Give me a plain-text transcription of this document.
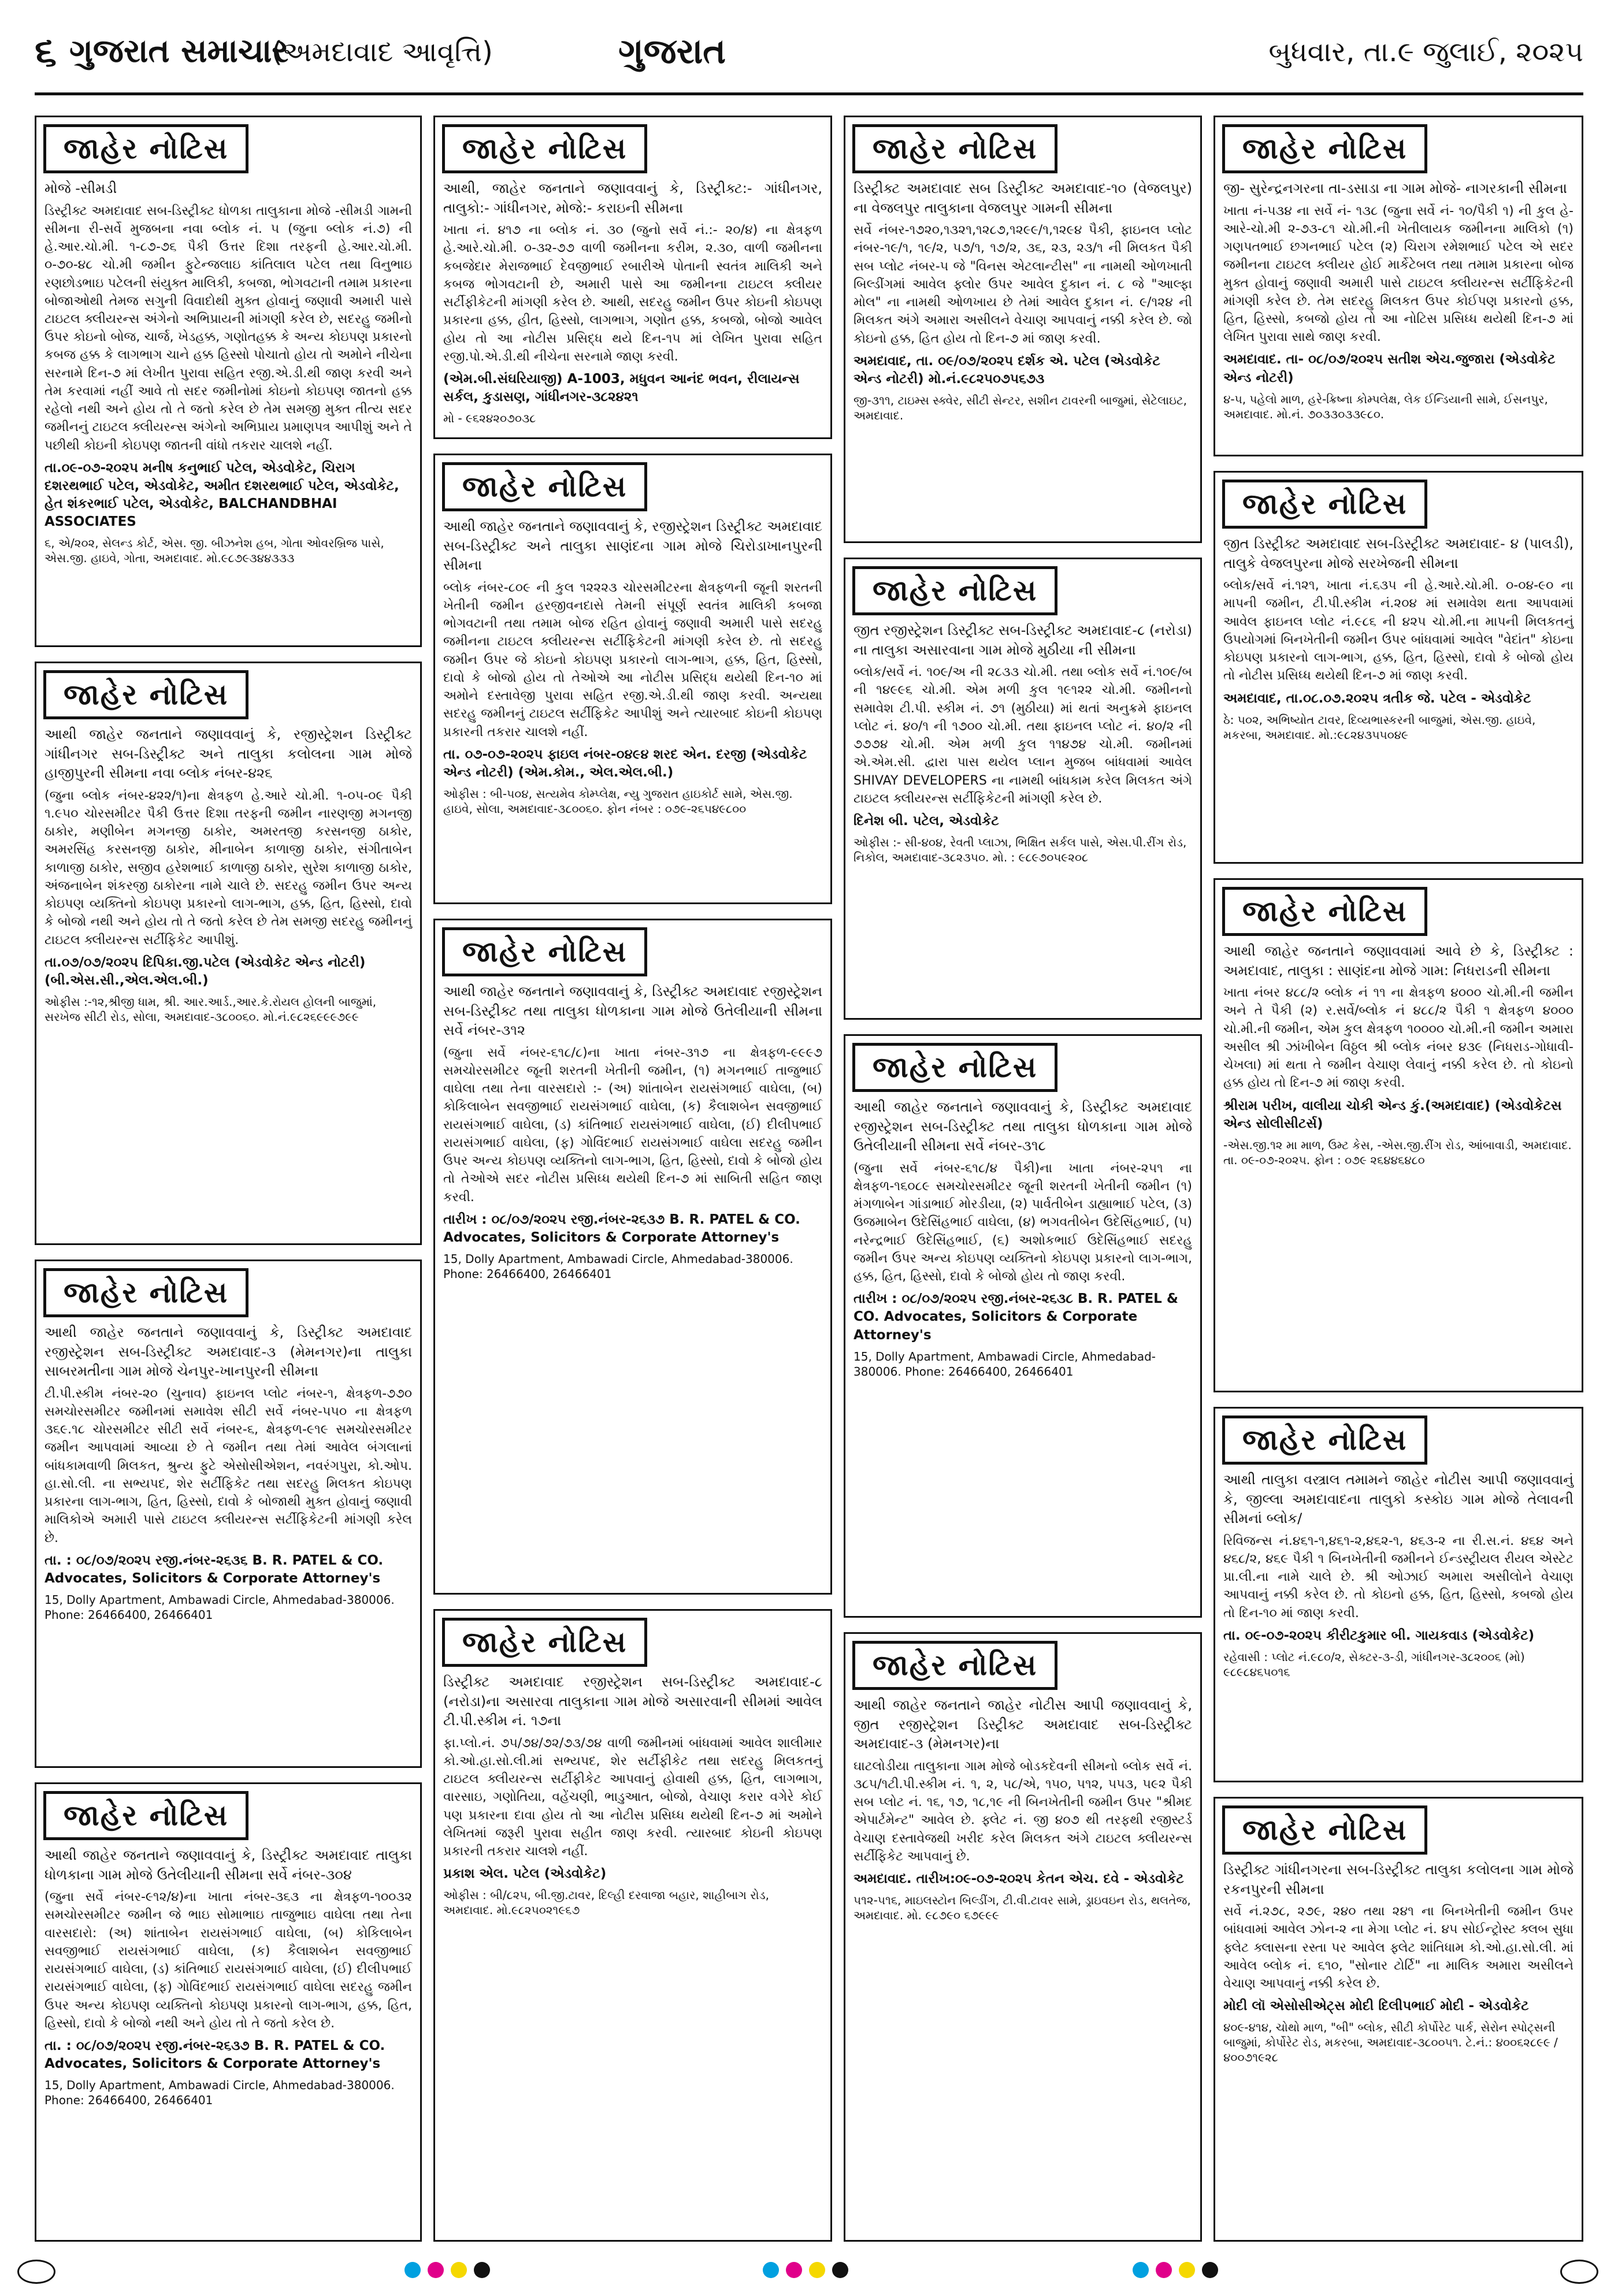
૬ ગુજરાત સમાચાર
(અમદાવાદ આવૃત્તિ)	ગુજરાત	બુધવાર, તા.૯ જુલાઈ, ૨૦૨૫
જાહેર નોટિસ
મોજે -સીમડી
ડિસ્ટ્રીક્ટ અમદાવાદ સબ-ડિસ્ટ્રીક્ટ ધોળકા તાલુકાના મોજે -સીમડી ગામની સીમના રી-સર્વે મુજબના નવા બ્લોક નં. ૫ (જુના બ્લોક નં.૭) ની હે.આર.ચો.મી. ૧-૮૭-૭૬ પૈકી ઉત્તર દિશા તરફની હે.આર.ચો.મી. ૦-૭૦-૪૮ ચો.મી જમીન ફુટેન્જલાઇ કાંતિલાલ પટેલ તથા વિનુભાઇ રણછોડભાઇ પટેલની સંયુક્ત માલિકી, કબજા, ભોગવટાની તમામ પ્રકારના બોજાઓથી તેમજ સગુની વિવાદોથી મુક્ત હોવાનું જણાવી અમારી પાસે ટાઇટલ ક્લીયરન્સ અંગેનો અભિપ્રાયની માંગણી કરેલ છે, સદરહુ જમીનો ઉપર કોઇનો બોજ, ચાર્જ, ખેડહક્ક, ગણોતહક્ક કે અન્ય કોઇપણ પ્રકારનો કબજ હક્ક કે લાગભાગ ચાને હક્ક હિસ્સો પોચાતો હોય તો અમોને નીચેના સરનામે દિન-૭ માં લેખીત પુરાવા સહિત રજી.એ.ડી.થી જાણ કરવી અને તેમ કરવામાં નહીં આવે તો સદર જમીનોમાં કોઇનો કોઇપણ જાતનો હક્ક રહેલો નથી અને હોય તો તે જતો કરેલ છે તેમ સમજી મુક્ત તીત્ય સદર જમીનનું ટાઇટલ ક્લીયરન્સ અંગેનો અભિપ્રાય પ્રમાણપત્ર આપીશું અને તે પછીથી કોઇની કોઇપણ જાતની વાંધો તકરાર ચાલશે નહીં.
તા.૦૯-૦૭-૨૦૨૫ મનીષ કનુભાઈ પટેલ, એડવોકેટ, ચિરાગ દશરથભાઈ પટેલ, એડવોકેટ, અમીત દશરથભાઈ પટેલ, એડવોકેટ, હેત શંકરભાઈ પટેલ, એડવોકેટ, BALCHANDBHAI ASSOCIATES
૬, એ/૨૦૨, સેલન્ડ કોર્ટ, એસ. જી. બીઝનેશ હબ, ગોતા ઓવરબ્રિજ પાસે, એસ.જી. હાઇવે, ગોતા, અમદાવાદ. મો.૯૮૭૯૩૪૪૩૩૩
જાહેર નોટિસ
આથી જાહેર જનતાને જણાવવાનું કે, રજીસ્ટ્રેશન ડિસ્ટ્રીક્ટ ગાંધીનગર સબ-ડિસ્ટ્રીક્ટ અને તાલુકા કલોલના ગામ મોજે હાજીપુરની સીમના નવા બ્લોક નંબર-૪૨૬
(જુના બ્લોક નંબર-૪૨૨/૧)ના ક્ષેત્રફળ હે.આરે ચો.મી. ૧-૦૫-૦૯ પૈકી ૧.૯૫૦ ચોરસમીટર પૈકી ઉત્તર દિશા તરફની જમીન નારણજી મગનજી ઠાકોર, મણીબેન મગનજી ઠાકોર, અમરતજી કરસનજી ઠાકોર, અમરસિંહ કરસનજી ઠાકોર, મીનાબેન કાળાજી ઠાકોર, સંગીતાબેન કાળાજી ઠાકોર, સજીવ હરેશભાઈ કાળાજી ઠાકોર, સુરેશ કાળાજી ઠાકોર, અંજનાબેન શંકરજી ઠાકોરના નામે ચાલે છે. સદરહુ જમીન ઉપર અન્ય કોઇપણ વ્યક્તિનો કોઇપણ પ્રકારનો લાગ-ભાગ, હક્ક, હિત, હિસ્સો, દાવો કે બોજો નથી અને હોય તો તે જતો કરેલ છે તેમ સમજી સદરહુ જમીનનું ટાઇટલ ક્લીયરન્સ સર્ટીફિકેટ આપીશું.
તા.૦૭/૦૭/૨૦૨૫ દિપિકા.જી.પટેલ (એડવોકેટ એન્ડ નોટરી) (બી.એસ.સી.,એલ.એલ.બી.)
ઓફીસ :-૧૨,શ્રીજી ધામ, શ્રી. આર.આર્ડ.,આર.કે.રોયલ હોલની બાજુમાં, સરખેજ સીટી રોડ, સોલા, અમદાવાદ-૩૮૦૦૬૦. મો.નં.૯૮૨૬૯૯૯૭૯૯
જાહેર નોટિસ
આથી જાહેર જનતાને જણાવવાનું કે, ડિસ્ટ્રીક્ટ અમદાવાદ રજીસ્ટ્રેશન સબ-ડિસ્ટ્રીક્ટ અમદાવાદ-૩ (મેમનગર)ના તાલુકા સાબરમતીના ગામ મોજે ચેનપુર-ખાનપુરની સીમના
ટી.પી.સ્કીમ નંબર-૨૦ (ચુનાવ) ફાઇનલ પ્લોટ નંબર-૧, ક્ષેત્રફળ-૭૭૦ સમચોરસમીટર જમીનમાં સમાવેશ સીટી સર્વે નંબર-૫૫૦ ના ક્ષેત્રફળ ૩૬૯.૧૮ ચોરસમીટર સીટી સર્વે નંબર-૬, ક્ષેત્રફળ-૯૧૯ સમચોરસમીટર જમીન આપવામાં આવ્યા છે તે જમીન તથા તેમાં આવેલ બંગલાનાં બાંધકામવાળી મિલકત, શ્રુન્ય ફુટે એસોસીએશન, નવરંગપુરા, કો.ઓપ. હા.સો.લી. ના સભ્યપદ, શેર સર્ટીફિકેટ તથા સદરહુ મિલકત કોઇપણ પ્રકારના લાગ-ભાગ, હિત, હિસ્સો, દાવો કે બોજાથી મુક્ત હોવાનું જણાવી માલિકોએ અમારી પાસે ટાઇટલ ક્લીયરન્સ સર્ટીફિકેટની માંગણી કરેલ છે.
તા. : ૦૮/૦૭/૨૦૨૫ રજી.નંબર-૨૬૩૬ B. R. PATEL & CO. Advocates, Solicitors & Corporate Attorney's
15, Dolly Apartment, Ambawadi Circle, Ahmedabad-380006. Phone: 26466400, 26466401
જાહેર નોટિસ
આથી જાહેર જનતાને જણાવવાનું કે, ડિસ્ટ્રીક્ટ અમદાવાદ તાલુકા ધોળકાના ગામ મોજે ઉતેલીયાની સીમના સર્વે નંબર-૩૦૪
(જુના સર્વે નંબર-૯૧૨/૪)ના ખાતા નંબર-૩૬૩ ના ક્ષેત્રફળ-૧૦૦૩૨ સમચોરસમીટર જમીન જે ભાઇ સોમાભાઇ તાજુભાઇ વાઘેલા તથા તેના વારસદારો: (અ) શાંતાબેન રાયસંગભાઈ વાઘેલા, (બ) કોકિલાબેન સવજીભાઈ રાયસંગભાઈ વાઘેલા, (ક) કૈલાશબેન સવજીભાઈ રાયસંગભાઈ વાઘેલા, (ડ) કાંતિભાઈ રાયસંગભાઈ વાઘેલા, (ઈ) દીલીપભાઈ રાયસંગભાઈ વાઘેલા, (ફ) ગોવિંદભાઈ રાયસંગભાઈ વાઘેલા સદરહુ જમીન ઉપર અન્ય કોઇપણ વ્યક્તિનો કોઇપણ પ્રકારનો લાગ-ભાગ, હક્ક, હિત, હિસ્સો, દાવો કે બોજો નથી અને હોય તો તે જતો કરેલ છે.
તા. : ૦૮/૦૭/૨૦૨૫ રજી.નંબર-૨૬૩૭ B. R. PATEL & CO. Advocates, Solicitors & Corporate Attorney's
15, Dolly Apartment, Ambawadi Circle, Ahmedabad-380006. Phone: 26466400, 26466401
જાહેર નોટિસ
આથી, જાહેર જનતાને જણાવવાનું કે, ડિસ્ટ્રીક્ટ:- ગાંધીનગર, તાલુકો:- ગાંધીનગર, મોજે:- કરાઇની સીમના
ખાતા નં. ૪૧૭ ના બ્લોક નં. ૩૦ (જુનો સર્વે નં.:- ૨૦/૪) ના ક્ષેત્રફળ હે.આરે.ચો.મી. ૦-૩૨-૭૭ વાળી જમીનના કરીમ, ૨.૩૦, વાળી જમીનના કબજેદાર મેરાજભાઈ દેવજીભાઈ રબારીએ પોતાની સ્વતંત્ર માલિકી અને કબજ ભોગવટાની છે, અમારી પાસે આ જમીનના ટાઇટલ ક્લીયર સર્ટીફીકેટની માંગણી કરેલ છે. આથી, સદરહુ જમીન ઉપર કોઇની કોઇપણ પ્રકારના હક્ક, હીત, હિસ્સો, લાગભાગ, ગણોત હક્ક, કબજો, બોજો આવેલ હોય તો આ નોટીસ પ્રસિદ્ધ થયે દિન-૧૫ માં લેખિત પુરાવા સહિત રજી.પો.એ.ડી.થી નીચેના સરનામે જાણ કરવી.
(એમ.બી.સંઘરિયાજી) A-1003, મધુવન આનંદ ભવન, રીલાયન્સ સર્કલ, કુડાસણ, ગાંધીનગર-૩૮૨૪૨૧
મો - ૯૬૨૪૨૦૭૦૩૮
જાહેર નોટિસ
આથી જાહેર જનતાને જણાવવાનું કે, રજીસ્ટ્રેશન ડિસ્ટ્રીક્ટ અમદાવાદ સબ-ડિસ્ટ્રીક્ટ અને તાલુકા સાણંદના ગામ મોજે ચિરોડાખાનપુરની સીમના
બ્લોક નંબર-૮૦૯ ની કુલ ૧૨૨૨૩ ચોરસમીટરના ક્ષેત્રફળની જૂની શરતની ખેતીની જમીન હરજીવનદાસે તેમની સંપૂર્ણ સ્વતંત્ર માલિકી કબજા ભોગવટાની તથા તમામ બોજ રહિત હોવાનું જણાવી અમારી પાસે સદરહુ જમીનના ટાઇટલ ક્લીયરન્સ સર્ટીફિકેટની માંગણી કરેલ છે. તો સદરહુ જમીન ઉપર જે કોઇનો કોઇપણ પ્રકારનો લાગ-ભાગ, હક્ક, હિત, હિસ્સો, દાવો કે બોજો હોય તો તેઓએ આ નોટીસ પ્રસિદ્ધ થયેથી દિન-૧૦ માં અમોને દસ્તાવેજી પુરાવા સહિત રજી.એ.ડી.થી જાણ કરવી. અન્યથા સદરહુ જમીનનું ટાઇટલ સર્ટીફિકેટ આપીશું અને ત્યારબાદ કોઇની કોઇપણ પ્રકારની તકરાર ચાલશે નહીં.
તા. ૦૭-૦૭-૨૦૨૫ ફાઇલ નંબર-૦૪૯૪ શરદ એન. દરજી (એડવોકેટ એન્ડ નોટરી) (એમ.કોમ., એલ.એલ.બી.)
ઓફીસ : બી-૫૦૪, સત્યમેવ કોમ્પ્લેક્ષ, ન્યુ ગુજરાત હાઇકોર્ટ સામે, એસ.જી. હાઇવે, સોલા, અમદાવાદ-૩૮૦૦૬૦. ફોન નંબર : ૦૭૯-૨૬૫૪૯૮૦૦
જાહેર નોટિસ
આથી જાહેર જનતાને જણાવવાનું કે, ડિસ્ટ્રીક્ટ અમદાવાદ રજીસ્ટ્રેશન સબ-ડિસ્ટ્રીક્ટ તથા તાલુકા ધોળકાના ગામ મોજે ઉતેલીયાની સીમના સર્વે નંબર-૩૧૨
(જુના સર્વે નંબર-૬૧૮/૮)ના ખાતા નંબર-૩૧૭ ના ક્ષેત્રફળ-૯૯૯૭ સમચોરસમીટર જૂની શરતની ખેતીની જમીન, (૧) મગનભાઈ તાજુભાઈ વાઘેલા તથા તેના વારસદારો :- (અ) શાંતાબેન રાયસંગભાઈ વાઘેલા, (બ) કોકિલાબેન સવજીભાઈ રાયસંગભાઈ વાઘેલા, (ક) કૈલાશબેન સવજીભાઈ રાયસંગભાઈ વાઘેલા, (ડ) કાંતિભાઈ રાયસંગભાઈ વાઘેલા, (ઈ) દીલીપભાઈ રાયસંગભાઈ વાઘેલા, (ફ) ગોવિંદભાઈ રાયસંગભાઈ વાઘેલા સદરહુ જમીન ઉપર અન્ય કોઇપણ વ્યક્તિનો લાગ-ભાગ, હિત, હિસ્સો, દાવો કે બોજો હોય તો તેઓએ સદર નોટીસ પ્રસિધ્ધ થયેથી દિન-૭ માં સાબિતી સહિત જાણ કરવી.
તારીખ : ૦૮/૦૭/૨૦૨૫ રજી.નંબર-૨૬૩૭ B. R. PATEL & CO. Advocates, Solicitors & Corporate Attorney's
15, Dolly Apartment, Ambawadi Circle, Ahmedabad-380006. Phone: 26466400, 26466401
જાહેર નોટિસ
ડિસ્ટ્રીક્ટ અમદાવાદ રજીસ્ટ્રેશન સબ-ડિસ્ટ્રીક્ટ અમદાવાદ-૮ (નરોડા)ના અસારવા તાલુકાના ગામ મોજે અસારવાની સીમમાં આવેલ ટી.પી.સ્કીમ નં. ૧૭ના
ફા.પ્લો.નં. ૭૫/૭૪/૭૨/૭૩/૭૪ વાળી જમીનમાં બાંધવામાં આવેલ શાલીમાર કો.ઓ.હા.સો.લી.માં સભ્યપદ, શેર સર્ટીફીકેટ તથા સદરહુ મિલકતનું ટાઇટલ ક્લીયરન્સ સર્ટીફીકેટ આપવાનું હોવાથી હક્ક, હિત, લાગભાગ, વારસાઇ, ગણોતિયા, વહેંચણી, ભાડુઆત, બોજો, વેચાણ કરાર વગેરે કોઈ પણ પ્રકારના દાવા હોય તો આ નોટીસ પ્રસિધ્ધ થયેથી દિન-૭ માં અમોને લેખિતમાં જરૂરી પુરાવા સહીત જાણ કરવી. ત્યારબાદ કોઇની કોઇપણ પ્રકારની તકરાર ચાલશે નહીં.
પ્રકાશ એલ. પટેલ (એડવોકેટ)
ઓફીસ : બી/૮૨૫, બી.જી.ટાવર, દિલ્હી દરવાજા બહાર, શાહીબાગ રોડ, અમદાવાદ. મો.૯૮૨૫૦૨૧૯૬૭
જાહેર નોટિસ
ડિસ્ટ્રીક્ટ અમદાવાદ સબ ડિસ્ટ્રીક્ટ અમદાવાદ-૧૦ (વેજલપુર) ના વેજલપુર તાલુકાના વેજલપુર ગામની સીમના
સર્વે નંબર-૧૭૨૦,૧૩૨૧,૧૨૮૭,૧૨૯૯/૧,૧૨૯૪ પૈકી, ફાઇનલ પ્લોટ નંબર-૧૯/૧, ૧૯/૨, ૫૭/૧, ૧૭/૨, ૩૬, ૨૩, ૨૩/૧ ની મિલકત પૈકી સબ પ્લોટ નંબર-૫ જે "વિનસ એટલાન્ટીસ" ના નામથી ઓળખાતી બિલ્ડીંગમાં આવેલ ફ્લોર ઉપર આવેલ દુકાન નં. ૮ જે "આલ્ફા મોલ" ના નામથી ઓળખાય છે તેમાં આવેલ દુકાન નં. ૯/૧૨૪ ની મિલકત અંગે અમારા અસીલને વેચાણ આપવાનું નક્કી કરેલ છે. જો કોઇનો હક્ક, હિત હોય તો દિન-૭ માં જાણ કરવી.
અમદાવાદ, તા. ૦૯/૦૭/૨૦૨૫ દર્શક એ. પટેલ (એડવોકેટ એન્ડ નોટરી) મો.નં.૯૮૨૫૦૭૫૬૭૩
જી-૩૧૧, ટાઇમ્સ સ્ક્વેર, સીટી સેન્ટર, સશીન ટાવરની બાજુમાં, સેટેલાઇટ, અમદાવાદ.
જાહેર નોટિસ
જીત રજીસ્ટ્રેશન ડિસ્ટ્રીક્ટ સબ-ડિસ્ટ્રીક્ટ અમદાવાદ-૮ (નરોડા) ના તાલુકા અસારવાના ગામ મોજે મુઠીયા ની સીમના
બ્લોક/સર્વે નં. ૧૦૯/અ ની ૨૮૩૩ ચો.મી. તથા બ્લોક સર્વે નં.૧૦૯/બ ની ૧૪૯૯૬ ચો.મી. એમ મળી કુલ ૧૯૧૨૨ ચો.મી. જમીનનો સમાવેશ ટી.પી. સ્કીમ નં. ૭૧ (મુઠીયા) માં થતાં અનુક્રમે ફાઇનલ પ્લોટ નં. ૪૦/૧ ની ૧૭૦૦ ચો.મી. તથા ફાઇનલ પ્લોટ નં. ૪૦/૨ ની ૭૭૭૪ ચો.મી. એમ મળી કુલ ૧૧૪૭૪ ચો.મી. જમીનમાં એ.એમ.સી. દ્વારા પાસ થયેલ પ્લાન મુજબ બાંધવામાં આવેલ SHIVAY DEVELOPERS ના નામથી બાંધકામ કરેલ મિલકત અંગે ટાઇટલ ક્લીયરન્સ સર્ટીફિકેટની માંગણી કરેલ છે.
દિનેશ બી. પટેલ, એડવોકેટ
ઓફીસ :- સી-૪૦૪, રેવતી પ્લાઝા, ભિક્ષિત સર્કલ પાસે, એસ.પી.રીંગ રોડ, નિકોલ, અમદાવાદ-૩૮૨૩૫૦. મો. : ૯૮૯૭૦૫૯૨૦૮
જાહેર નોટિસ
આથી જાહેર જનતાને જણાવવાનું કે, ડિસ્ટ્રીક્ટ અમદાવાદ રજીસ્ટ્રેશન સબ-ડિસ્ટ્રીક્ટ તથા તાલુકા ધોળકાના ગામ મોજે ઉતેલીયાની સીમના સર્વે નંબર-૩૧૮
(જુના સર્વે નંબર-૬૧૮/૪ પૈકી)ના ખાતા નંબર-૨૫૧ ના ક્ષેત્રફળ-૧૬૦૮૯ સમચોરસમીટર જૂની શરતની ખેતીની જમીન (૧) મંગળાબેન ગાંડાભાઈ મોરડીયા, (૨) પાર્વતીબેન ડાહ્યાભાઈ પટેલ, (૩) ઉજમાબેન ઉદેસિંહભાઈ વાઘેલા, (૪) ભગવતીબેન ઉદેસિંહભાઈ, (૫) નરેન્દ્રભાઈ ઉદેસિંહભાઈ, (૬) અશોકભાઈ ઉદેસિંહભાઈ સદરહુ જમીન ઉપર અન્ય કોઇપણ વ્યક્તિનો કોઇપણ પ્રકારનો લાગ-ભાગ, હક્ક, હિત, હિસ્સો, દાવો કે બોજો હોય તો જાણ કરવી.
તારીખ : ૦૮/૦૭/૨૦૨૫ રજી.નંબર-૨૬૩૮ B. R. PATEL & CO. Advocates, Solicitors & Corporate Attorney's
15, Dolly Apartment, Ambawadi Circle, Ahmedabad-380006. Phone: 26466400, 26466401
જાહેર નોટિસ
આથી જાહેર જનતાને જાહેર નોટીસ આપી જણાવવાનું કે, જીત રજીસ્ટ્રેશન ડિસ્ટ્રીક્ટ અમદાવાદ સબ-ડિસ્ટ્રીક્ટ અમદાવાદ-૩ (મેમનગર)ના
ઘાટલોડીયા તાલુકાના ગામ મોજે બોડકદેવની સીમનો બ્લોક સર્વે નં. ૩૮૫/૧ટી.પી.સ્કીમ નં. ૧, ૨, ૫૮/એ, ૧૫૦, ૫૧૨, ૫૫૩, ૫૯૨ પૈકી સબ પ્લોટ નં. ૧૬, ૧૭, ૧૮,૧૯ ની બિનખેતીની જમીન ઉપર "શ્રીમદ એપાર્ટમેન્ટ" આવેલ છે. ફ્લેટ નં. જી ૪૦૭ થી તરફથી રજીસ્ટર્ડ વેચાણ દસ્તાવેજથી ખરીદ કરેલ મિલકત અંગે ટાઇટલ ક્લીયરન્સ સર્ટીફિકેટ આપવાનું છે.
અમદાવાદ. તારીખ:૦૯-૦૭-૨૦૨૫ કેતન એચ. દવે - એડવોકેટ
૫૧૨-૫૧૬, માઇલસ્ટોન બિલ્ડીંગ, ટી.વી.ટાવર સામે, ડ્રાઇવઇન રોડ, થલતેજ, અમદાવાદ. મો. ૯૮૭૯૦ ૬૭૯૯૯
જાહેર નોટિસ
જી- સુરેન્દ્રનગરના તા-ડસાડા ના ગામ મોજે- નાગરકાની સીમના
ખાતા નં-૫૩૪ ના સર્વે નં- ૧૩૮ (જુના સર્વે નં- ૧૦/પૈકી ૧) ની કુલ હે-આરે-ચો.મી ૨-૭૩-૮૧ ચો.મી.ની ખેતીલાયક જમીનના માલિકો (૧) ગણપતભાઈ છગનભાઈ પટેલ (૨) ચિરાગ રમેશભાઈ પટેલ એ સદર જમીનના ટાઇટલ ક્લીયર હોઈ માર્કેટેબલ તથા તમામ પ્રકારના બોજ મુક્ત હોવાનું જણાવી અમારી પાસે ટાઇટલ ક્લીયરન્સ સર્ટીફિકેટની માંગણી કરેલ છે. તેમ સદરહુ મિલકત ઉપર કોઈપણ પ્રકારનો હક્ક, હિત, હિસ્સો, કબજો હોય તો આ નોટિસ પ્રસિધ્ધ થયેથી દિન-૭ માં લેખિત પુરાવા સાથે જાણ કરવી.
અમદાવાદ. તા- ૦૮/૦૭/૨૦૨૫ સતીશ એચ.જુજારા (એડવોકેટ એન્ડ નોટરી)
૪-૫, પહેલો માળ, હરે-ક્રિષ્ના કોમ્પલેક્ષ, લેક ઈન્ડિયાની સામે, ઈસનપુર, અમદાવાદ. મો.નં. ૭૦૩૩૦૩૩૯૮૦.
જાહેર નોટિસ
જીત ડિસ્ટ્રીક્ટ અમદાવાદ સબ-ડિસ્ટ્રીક્ટ અમદાવાદ- ૪ (પાલડી), તાલુકે વેજલપુરના મોજે સરખેજની સીમના
બ્લોક/સર્વે નં.૧૨૧, ખાતા નં.૬૩૫ ની હે.આરે.ચો.મી. ૦-૦૪-૯૦ ના માપની જમીન, ટી.પી.સ્કીમ નં.૨૦૪ માં સમાવેશ થતા આપવામાં આવેલ ફાઇનલ પ્લોટ નં.૯૮૬ ની ૪૨૫ ચો.મી.ના માપની મિલકતનું ઉપયોગમાં બિનખેતીની જમીન ઉપર બાંધવામાં આવેલ "વેદાંત" કોઇના કોઇપણ પ્રકારનો લાગ-ભાગ, હક્ક, હિત, હિસ્સો, દાવો કે બોજો હોય તો નોટીસ પ્રસિધ્ધ થયેથી દિન-૭ માં જાણ કરવી.
અમદાવાદ, તા.૦૮.૦૭.૨૦૨૫ ત્રતીક જે. પટેલ - એડવોકેટ
ઠે: ૫૦૨, અભિષ્યોત ટાવર, દિવ્યભાસ્કરની બાજુમાં, એસ.જી. હાઇવે, મકરબા, અમદાવાદ. મો.:૯૮૨૪૩૫૫૦૪૯
જાહેર નોટિસ
આથી જાહેર જનતાને જણાવવામાં આવે છે કે, ડિસ્ટ્રીક્ટ : અમદાવાદ, તાલુકા : સાણંદના મોજે ગામ: નિધરાડની સીમના
ખાતા નંબર ૪૮૮/૨ બ્લોક નં ૧૧ ના ક્ષેત્રફળ ૪૦૦૦ ચો.મી.ની જમીન અને તે પૈકી (૨) ર.સર્વે/બ્લોક નં ૪૮૮/૨ પૈકી ૧ ક્ષેત્રફળ ૪૦૦૦ ચો.મી.ની જમીન, એમ કુલ ક્ષેત્રફળ ૧૦૦૦૦ ચો.મી.ની જમીન અમારા અસીલ શ્રી ઝાંખીબેન વિઠ્ઠલ શ્રી બ્લોક નંબર ૪૩૯ (નિધરાડ-ગોધાવી-ચેખલા) માં થતા તે જમીન વેચાણ લેવાનું નક્કી કરેલ છે. તો કોઇનો હક્ક હોય તો દિન-૭ માં જાણ કરવી.
શ્રીરામ પરીખ, વાલીયા ચોકી એન્ડ કું.(અમદાવાદ) (એડવોકેટસ એન્ડ સોલીસીટર્સ)
-એસ.જી.૧૨ મા માળ, ઉમ્ટ કેસ, -એસ.જી.રીંગ રોડ, આંબાવાડી, અમદાવાદ. તા. ૦૯-૦૭-૨૦૨૫. ફોન : ૦૭૯ ૨૬૪૪૬૪૮૦
જાહેર નોટિસ
આથી તાલુકા વસ્ત્રાલ તમામને જાહેર નોટીસ આપી જણાવવાનું કે, જીલ્લા અમદાવાદના તાલુકો કસ્કોઇ ગામ મોજે તેલાવની સીમનાં બ્લોક/
રિવિજન્સ નં.૪૬૧-૧,૪૬૧-૨,૪૬૨-૧, ૪૬૩-૨ ના રી.સ.નં. ૪૬૪ અને ૪૬૮/૨, ૪૬૯ પૈકી ૧ બિનખેતીની જમીનને ઈન્ડસ્ટ્રીયલ રીયલ એસ્ટેટ પ્રા.લી.ના નામે ચાલે છે. શ્રી ઓઝાઈ અમારા અસીલોને વેચાણ આપવાનું નક્કી કરેલ છે. તો કોઇનો હક્ક, હિત, હિસ્સો, કબજો હોય તો દિન-૧૦ માં જાણ કરવી.
તા. ૦૯-૦૭-૨૦૨૫ કીરીટકુમાર બી. ગાયકવાડ (એડવોકેટ)
રહેવાસી : પ્લોટ નં.૯૮૦/૨, સેક્ટર-૩-ડી, ગાંધીનગર-૩૮૨૦૦૬ (મો) ૯૮૯૮૪૬૫૦૧૬
જાહેર નોટિસ
ડિસ્ટ્રીક્ટ ગાંધીનગરના સબ-ડિસ્ટ્રીક્ટ તાલુકા કલોલના ગામ મોજે રકનપુરની સીમના
સર્વે નં.૨૭૮, ૨૭૯, ૨૪૦ તથા ૨૪૧ ના બિનખેતીની જમીન ઉપર બાંધવામાં આવેલ ઝોન-૨ ના મેગા પ્લોટ નં. ૪૫ સોઈન્ટ્રોસ્ટ ક્લબ સુધા ફ્લેટ ક્લાસના રસ્તા પર આવેલ ફ્લેટ શાંતિધામ કો.ઓ.હા.સો.લી. માં આવેલ બ્લોક નં. ૬૧૦, "સોનાર ટોર્ટિ" ના માલિક અમારા અસીલને વેચાણ આપવાનું નક્કી કરેલ છે.
મોદી લૉ એસોસીએટ્સ મોદી દિલીપભાઈ મોદી - એડવોકેટ
૪૦૯-૪૧૪, ચોથો માળ, "બી" બ્લોક, સીટી કોર્પોરેટ પાર્ક, સેરોન સ્પોટ્સની બાજુમાં, કોર્પોરેટ રોડ, મકરબા, અમદાવાદ-૩૮૦૦૫૧. ટે.નં.: ૪૦૦૬૨૮૯૯ / ૪૦૦૭૧૯૨૮
